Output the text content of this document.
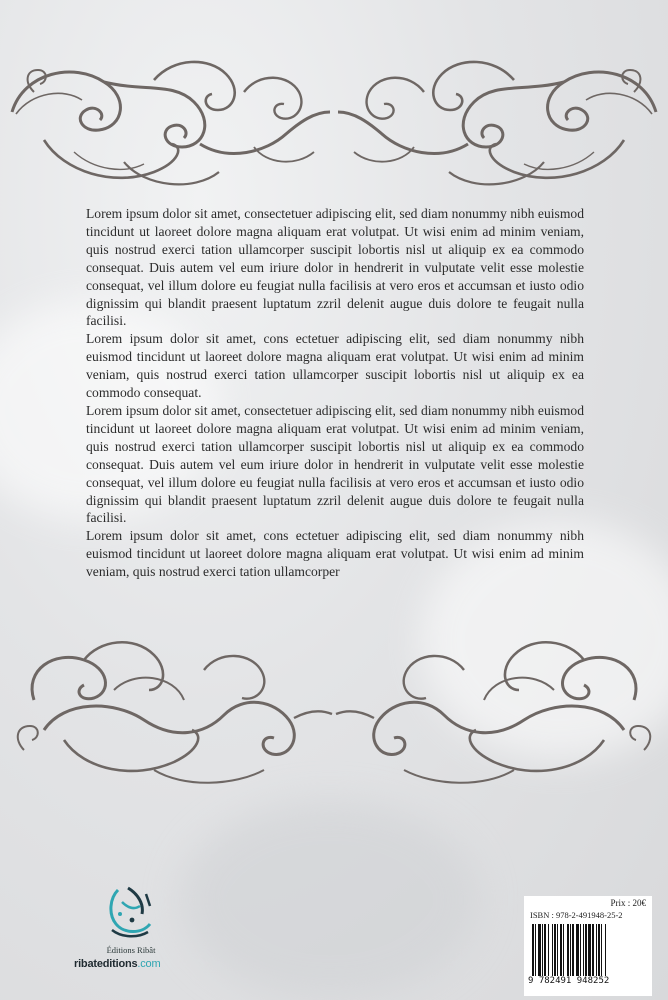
Lorem ipsum dolor sit amet, consectetuer adipiscing elit, sed diam nonummy nibh euismod tincidunt ut laoreet dolore magna aliquam erat volutpat. Ut wisi enim ad minim veniam, quis nostrud exerci tation ullamcorper suscipit lobortis nisl ut aliquip ex ea commodo consequat. Duis autem vel eum iriure dolor in hendrerit in vulputate velit esse molestie consequat, vel illum dolore eu feugiat nulla facilisis at vero eros et accumsan et iusto odio dignissim qui blandit praesent luptatum zzril delenit augue duis dolore te feugait nulla facilisi.

Lorem ipsum dolor sit amet, cons ectetuer adipiscing elit, sed diam nonummy nibh euismod tincidunt ut laoreet dolore magna aliquam erat volutpat. Ut wisi enim ad minim veniam, quis nostrud exerci tation ullamcorper suscipit lobortis nisl ut aliquip ex ea commodo consequat.

Lorem ipsum dolor sit amet, consectetuer adipiscing elit, sed diam nonummy nibh euismod tincidunt ut laoreet dolore magna aliquam erat volutpat. Ut wisi enim ad minim veniam, quis nostrud exerci tation ullamcorper suscipit lobortis nisl ut aliquip ex ea commodo consequat. Duis autem vel eum iriure dolor in hendrerit in vulputate velit esse molestie consequat, vel illum dolore eu feugiat nulla facilisis at vero eros et accumsan et iusto odio dignissim qui blandit praesent luptatum zzril delenit augue duis dolore te feugait nulla facilisi.

Lorem ipsum dolor sit amet, cons ectetuer adipiscing elit, sed diam nonummy nibh euismod tincidunt ut laoreet dolore magna aliquam erat volutpat. Ut wisi enim ad minim veniam, quis nostrud exerci tation ullamcorper

Éditions Ribât
ribateditions.com
Prix : 20€
ISBN : 978-2-491948-25-2
9 782491 948252
